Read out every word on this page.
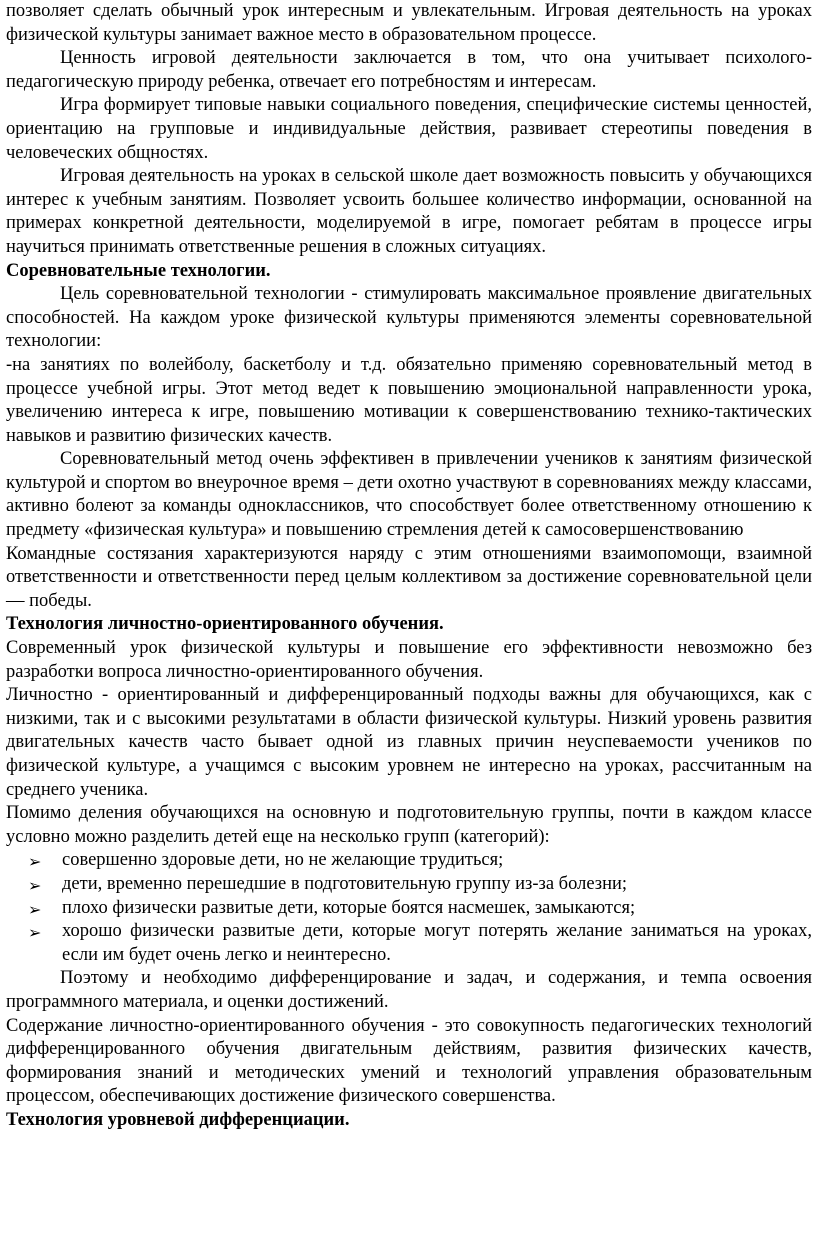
позволяет сделать обычный урок интересным и увлекательным. Игровая деятельность на уроках физической культуры занимает важное место в образовательном процессе.

Ценность игровой деятельности заключается в том, что она учитывает психолого-педагогическую природу ребенка, отвечает его потребностям и интересам.

Игра формирует типовые навыки социального поведения, специфические системы ценностей, ориентацию на групповые и индивидуальные действия, развивает стереотипы поведения в человеческих общностях.

Игровая деятельность на уроках в сельской школе дает возможность повысить у обучающихся интерес к учебным занятиям. Позволяет усвоить большее количество информации, основанной на примерах конкретной деятельности, моделируемой в игре, помогает ребятам в процессе игры научиться принимать ответственные решения в сложных ситуациях.

Соревновательные технологии.

Цель соревновательной технологии - стимулировать максимальное проявление двигательных способностей. На каждом уроке физической культуры применяются элементы соревновательной технологии:

-на занятиях по волейболу, баскетболу и т.д. обязательно применяю соревновательный метод в процессе учебной игры. Этот метод ведет к повышению эмоциональной направленности урока, увеличению интереса к игре, повышению мотивации к совершенствованию технико-тактических навыков и развитию физических качеств.

Соревновательный метод очень эффективен в привлечении учеников к занятиям физической культурой и спортом во внеурочное время – дети охотно участвуют в соревнованиях между классами, активно болеют за команды одноклассников, что способствует более ответственному отношению к предмету «физическая культура» и повышению стремления детей к самосовершенствованию

Командные состязания характеризуются наряду с этим отношениями взаимопомощи, взаимной ответственности и ответственности перед целым коллективом за достижение соревновательной цели — победы.

Технология личностно-ориентированного обучения.

Современный урок физической культуры и повышение его эффективности невозможно без разработки вопроса личностно-ориентированного обучения.

Личностно - ориентированный и дифференцированный подходы важны для обучающихся, как с низкими, так и с высокими результатами в области физической культуры. Низкий уровень развития двигательных качеств часто бывает одной из главных причин неуспеваемости учеников по физической культуре, а учащимся с высоким уровнем не интересно на уроках, рассчитанным на среднего ученика.

Помимо деления обучающихся на основную и подготовительную группы, почти в каждом классе условно можно разделить детей еще на несколько групп (категорий):

➢ совершенно здоровые дети, но не желающие трудиться;
➢ дети, временно перешедшие в подготовительную группу из-за болезни;
➢ плохо физически развитые дети, которые боятся насмешек, замыкаются;
➢ хорошо физически развитые дети, которые могут потерять желание заниматься на уроках, если им будет очень легко и неинтересно.

Поэтому и необходимо дифференцирование и задач, и содержания, и темпа освоения программного материала, и оценки достижений.

Содержание личностно-ориентированного обучения - это совокупность педагогических технологий дифференцированного обучения двигательным действиям, развития физических качеств, формирования знаний и методических умений и технологий управления образовательным процессом, обеспечивающих достижение физического совершенства.

Технология уровневой дифференциации.
